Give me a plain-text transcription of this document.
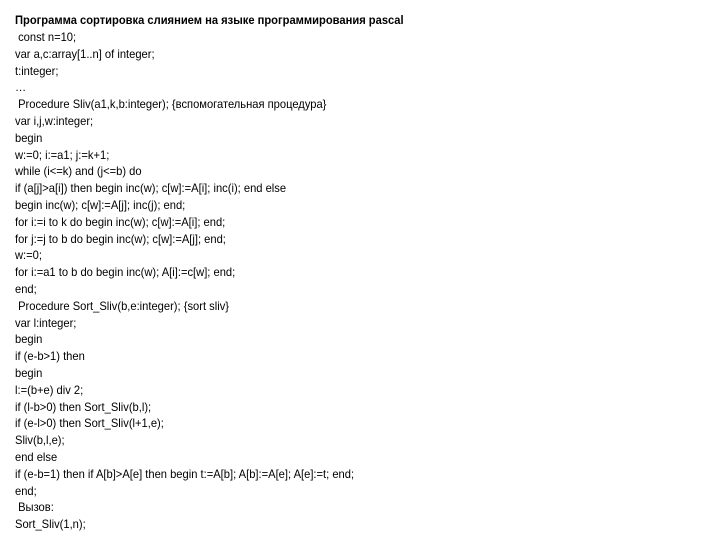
Программа сортировка слиянием на языке программирования pascal
const n=10;
var a,c:array[1..n] of integer;
t:integer;
…
Procedure Sliv(a1,k,b:integer); {вспомогательная процедура}
var i,j,w:integer;
begin
w:=0; i:=a1; j:=k+1;
while (i<=k) and (j<=b) do
if (a[j]>a[i]) then begin inc(w); c[w]:=A[i]; inc(i); end else
begin inc(w); c[w]:=A[j]; inc(j); end;
for i:=i to k do begin inc(w); c[w]:=A[i]; end;
for j:=j to b do begin inc(w); c[w]:=A[j]; end;
w:=0;
for i:=a1 to b do begin inc(w); A[i]:=c[w]; end;
end;
Procedure Sort_Sliv(b,e:integer); {sort sliv}
var l:integer;
begin
if (e-b>1) then
begin
l:=(b+e) div 2;
if (l-b>0) then Sort_Sliv(b,l);
if (e-l>0) then Sort_Sliv(l+1,e);
Sliv(b,l,e);
end else
if (e-b=1) then if A[b]>A[e] then begin t:=A[b]; A[b]:=A[e]; A[e]:=t; end;
end;
Вызов:
Sort_Sliv(1,n);
